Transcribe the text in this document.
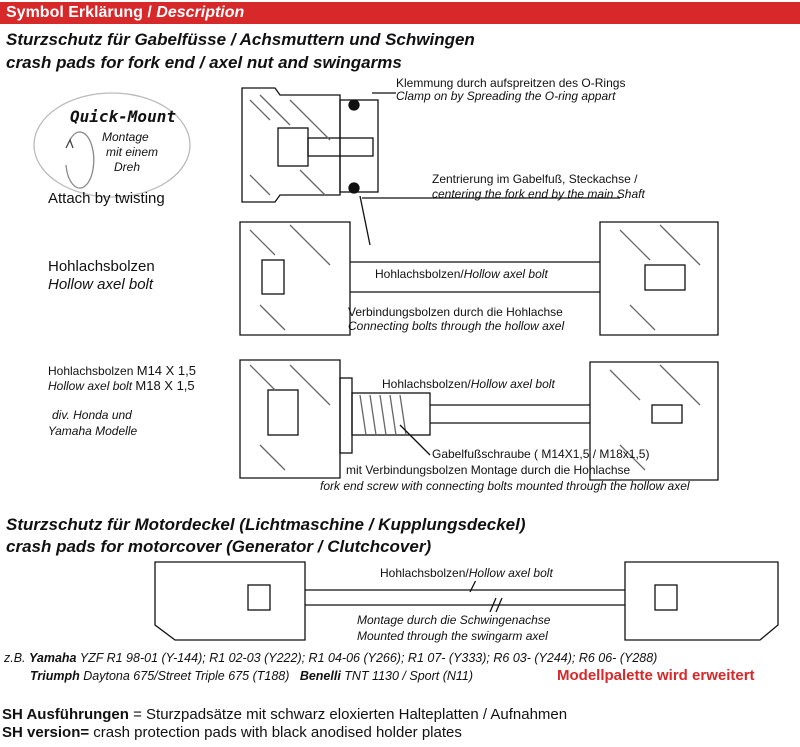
Symbol Erklärung / Description
Sturzschutz für Gabelfüsse / Achsmuttern und Schwingen
crash pads for fork end / axel nut and swingarms
Quick-Mount
Montage
mit einem
Dreh
Attach by twisting
Klemmung durch aufspreitzen des O-Rings
Clamp on by Spreading the O-ring appart
Zentrierung im Gabelfuß, Steckachse /
centering the fork end by the main Shaft
Hohlachsbolzen
Hollow axel bolt
Hohlachsbolzen/Hollow axel bolt
Verbindungsbolzen durch die Hohlachse
Connecting bolts through the hollow axel
Hohlachsbolzen M14 X 1,5
Hollow axel bolt M18 X 1,5
div. Honda und
Yamaha Modelle
Hohlachsbolzen/Hollow axel bolt
Gabelfußschraube ( M14X1,5 / M18x1,5)
mit Verbindungsbolzen Montage durch die Hohlachse
fork end screw with connecting bolts mounted through the hollow axel
Sturzschutz für Motordeckel (Lichtmaschine / Kupplungsdeckel)
crash pads for motorcover (Generator / Clutchcover)
Hohlachsbolzen/Hollow axel bolt
Montage durch die Schwingenachse
Mounted through the swingarm axel
z.B. Yamaha YZF R1 98-01 (Y-144); R1 02-03 (Y222); R1 04-06 (Y266); R1 07- (Y333); R6 03- (Y244); R6 06- (Y288)
Triumph Daytona 675/Street Triple 675 (T188) Benelli TNT 1130 / Sport (N11)	Modellpalette wird erweitert
SH Ausführungen = Sturzpadsätze mit schwarz eloxierten Halteplatten / Aufnahmen
SH version= crash protection pads with black anodised holder plates
